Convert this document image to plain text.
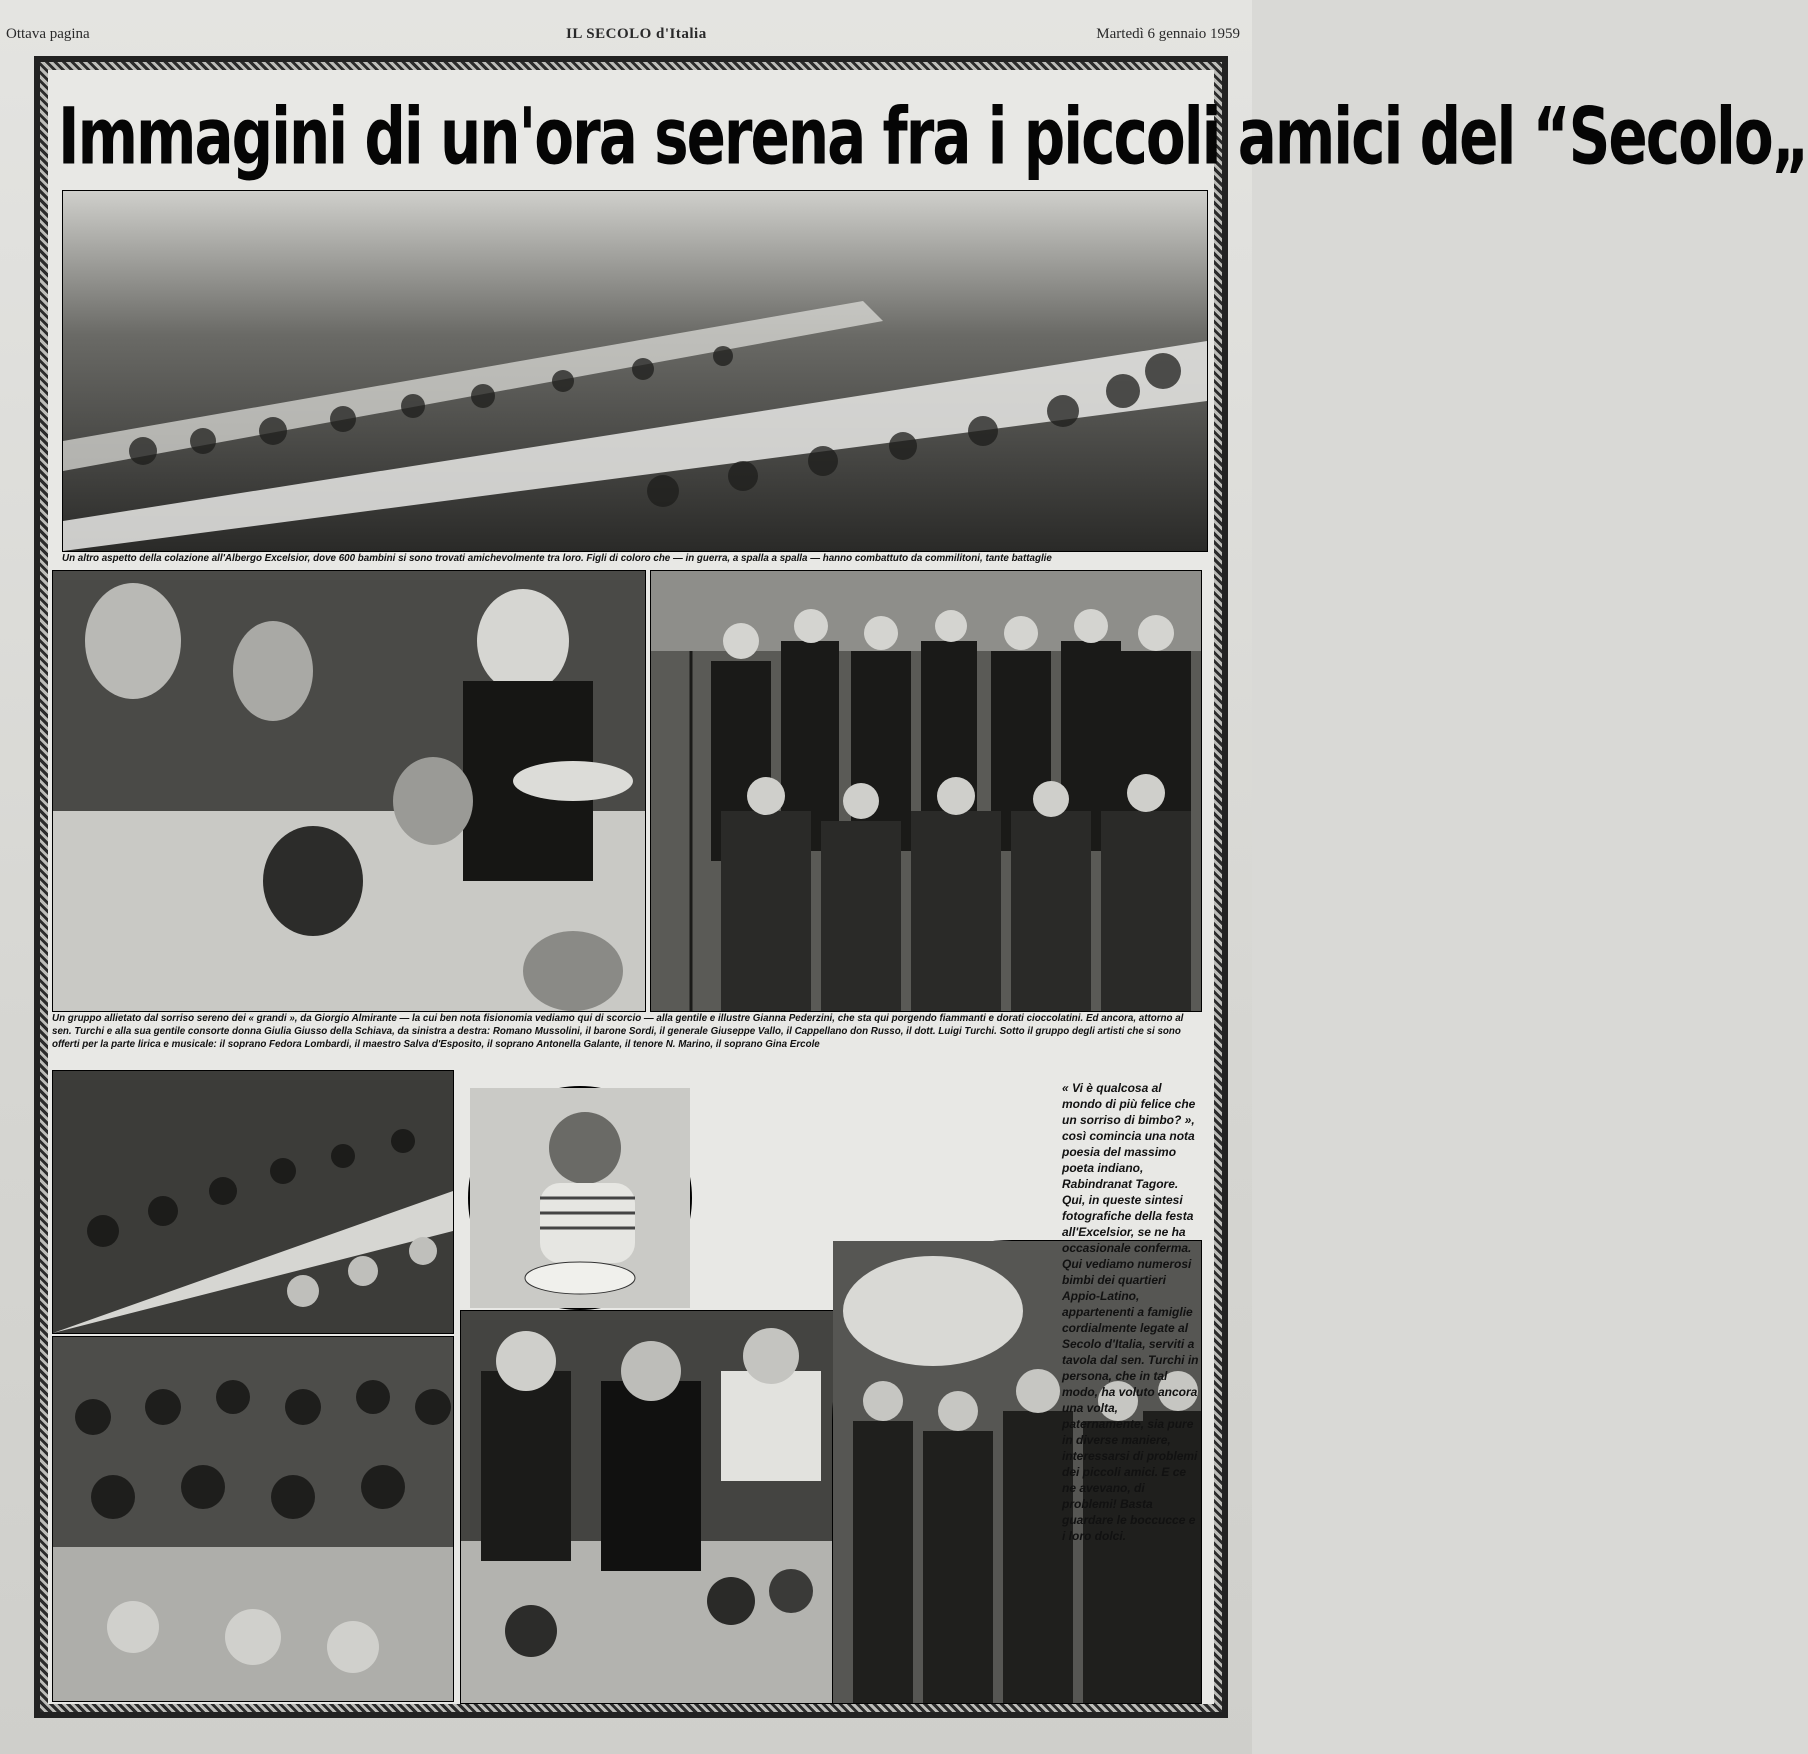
Ottava pagina	IL SECOLO d'Italia	Martedì 6 gennaio 1959
Immagini di un'ora serena fra i piccoli amici del “Secolo„
Un altro aspetto della colazione all'Albergo Excelsior, dove 600 bambini si sono trovati amichevolmente tra loro. Figli di coloro che — in guerra, a spalla a spalla — hanno combattuto da commilitoni, tante battaglie
Un gruppo allietato dal sorriso sereno dei « grandi », da Giorgio Almirante — la cui ben nota fisionomia vediamo qui di scorcio — alla gentile e illustre Gianna Pederzini, che sta qui porgendo fiammanti e dorati cioccolatini. Ed ancora, attorno al sen. Turchi e alla sua gentile consorte donna Giulia Giusso della Schiava, da sinistra a destra: Romano Mussolini, il barone Sordi, il generale Giuseppe Vallo, il Cappellano don Russo, il dott. Luigi Turchi. Sotto il gruppo degli artisti che si sono offerti per la parte lirica e musicale: il soprano Fedora Lombardi, il maestro Salva d'Esposito, il soprano Antonella Galante, il tenore N. Marino, il soprano Gina Ercole
« Vi è qualcosa al mondo di più felice che un sorriso di bimbo? », così comincia una nota poesia del massimo poeta indiano, Rabindranat Tagore. Qui, in queste sintesi fotografiche della festa all'Excelsior, se ne ha occasionale conferma. Qui vediamo numerosi bimbi dei quartieri Appio-Latino, appartenenti a famiglie cordialmente legate al Secolo d'Italia, serviti a tavola dal sen. Turchi in persona, che in tal modo, ha voluto ancora una volta, paternamente, sia pure in diverse maniere, interessarsi di problemi dei piccoli amici. E ce ne avevano, di problemi! Basta guardare le boccucce e i loro dolci.
